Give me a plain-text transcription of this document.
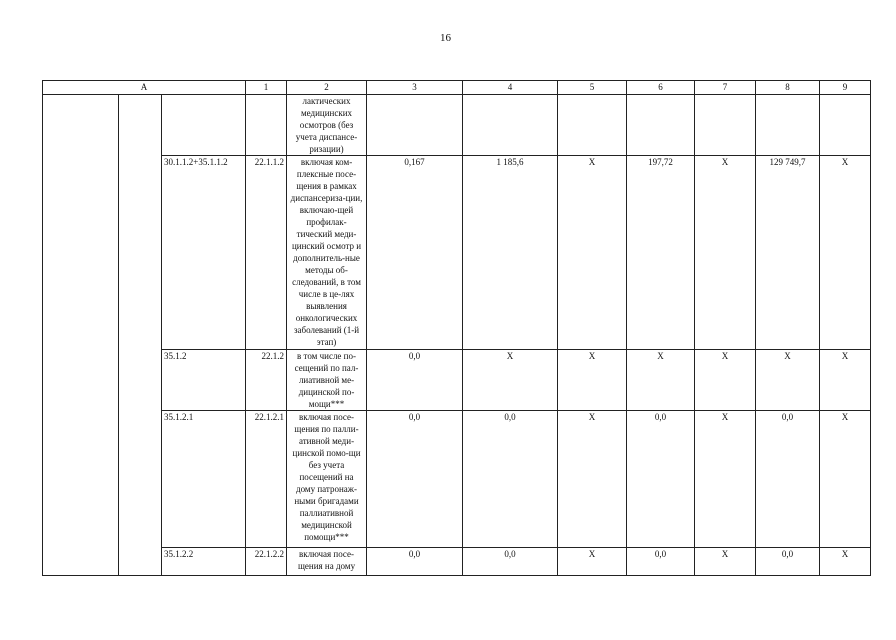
16
А			1	2	3	4	5	6	7	8	9
				лактических медицинских осмотров (без учета диспансе-ризации)							
		30.1.1.2+35.1.1.2	22.1.1.2	включая ком-плексные посе-щения в рамках диспансериза-ции, включаю-щей профилак-тический меди-цинский осмотр и дополнитель-ные методы об-следований, в том числе в це-лях выявления онкологических заболеваний (1-й этап)	0,167	1 185,6	Х	197,72	Х	129 749,7	Х
		35.1.2	22.1.2	в том числе по-сещений по пал-лиативной ме-дицинской по-мощи***	0,0	Х	Х	Х	Х	Х	Х
		35.1.2.1	22.1.2.1	включая посе-щения по палли-ативной меди-цинской помо-щи без учета посещений на дому патронаж-ными бригадами паллиативной медицинской помощи***	0,0	0,0	Х	0,0	Х	0,0	Х
		35.1.2.2	22.1.2.2	включая посе-щения на дому	0,0	0,0	Х	0,0	Х	0,0	Х
